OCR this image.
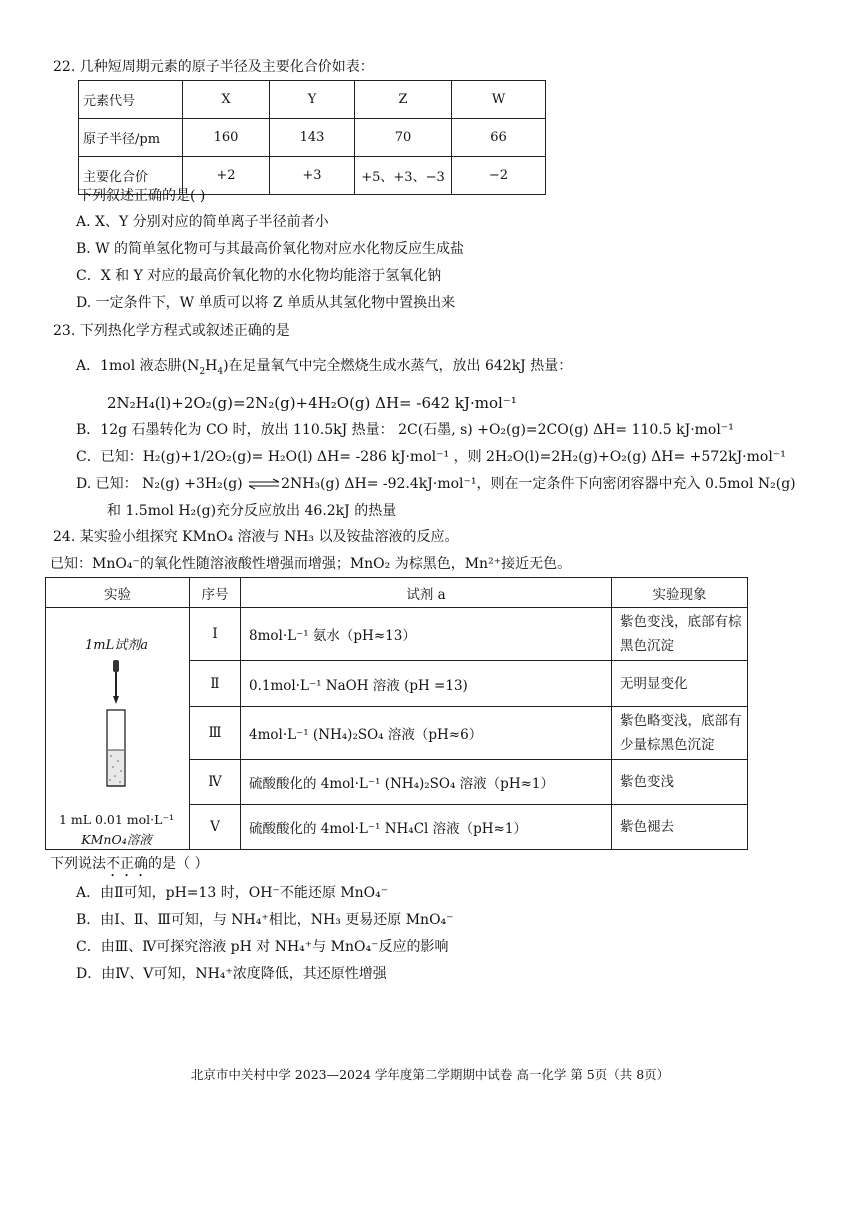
22. 几种短周期元素的原子半径及主要化合价如表：
元素代号	X	Y	Z	W
原子半径/pm	160	143	70	66
主要化合价	+2	+3	+5、+3、−3	−2
下列叙述正确的是( )
A. X、Y 分别对应的简单离子半径前者小
B. W 的简单氢化物可与其最高价氧化物对应水化物反应生成盐
C．X 和 Y 对应的最高价氧化物的水化物均能溶于氢氧化钠
D. 一定条件下，W 单质可以将 Z 单质从其氢化物中置换出来
23. 下列热化学方程式或叙述正确的是
A．1mol 液态肼$(N_2H_4)$在足量氧气中完全燃烧生成水蒸气，放出 642kJ 热量：
2N₂H₄(l)+2O₂(g)=2N₂(g)+4H₂O(g) ΔH= -642 kJ·mol⁻¹
B．12g 石墨转化为 CO 时，放出 110.5kJ 热量： 2C(石墨, s) +O₂(g)=2CO(g) ΔH= 110.5 kJ·mol⁻¹
C．已知：H₂(g)+1/2O₂(g)= H₂O(l) ΔH= -286 kJ·mol⁻¹ ，则 2H₂O(l)=2H₂(g)+O₂(g) ΔH= +572kJ·mol⁻¹
D. 已知： N₂(g) +3H₂(g) ⇌2NH₃(g) ΔH= -92.4kJ·mol⁻¹，则在一定条件下向密闭容器中充入 0.5mol N₂(g)
和 1.5mol H₂(g)充分反应放出 46.2kJ 的热量
24. 某实验小组探究 KMnO₄ 溶液与 NH₃ 以及铵盐溶液的反应。
已知：MnO₄⁻的氧化性随溶液酸性增强而增强；MnO₂ 为棕黑色，Mn²⁺接近无色。
实验	序号	试剂 a	实验现象

1mL试剂a
1 mL 0.01 mol·L⁻¹
KMnO₄溶液	Ⅰ	8mol·L⁻¹ 氨水（pH≈13）	紫色变浅，底部有棕黑色沉淀
	Ⅱ	0.1mol·L⁻¹ NaOH 溶液 (pH =13)	无明显变化
	Ⅲ	4mol·L⁻¹ (NH₄)₂SO₄ 溶液（pH≈6）	紫色略变浅，底部有少量棕黑色沉淀
	Ⅳ	硫酸酸化的 4mol·L⁻¹ (NH₄)₂SO₄ 溶液（pH≈1）	紫色变浅
	Ⅴ	硫酸酸化的 4mol·L⁻¹ NH₄Cl 溶液（pH≈1）	紫色褪去
下列说法不正确的是（ ）
A．由Ⅱ可知，pH=13 时，OH⁻不能还原 MnO₄⁻
B．由Ⅰ、Ⅱ、Ⅲ可知，与 NH₄⁺相比，NH₃ 更易还原 MnO₄⁻
C．由Ⅲ、Ⅳ可探究溶液 pH 对 NH₄⁺与 MnO₄⁻反应的影响
D．由Ⅳ、Ⅴ可知，NH₄⁺浓度降低，其还原性增强
北京市中关村中学 2023—2024 学年度第二学期期中试卷 高一化学 第 5页（共 8页）
